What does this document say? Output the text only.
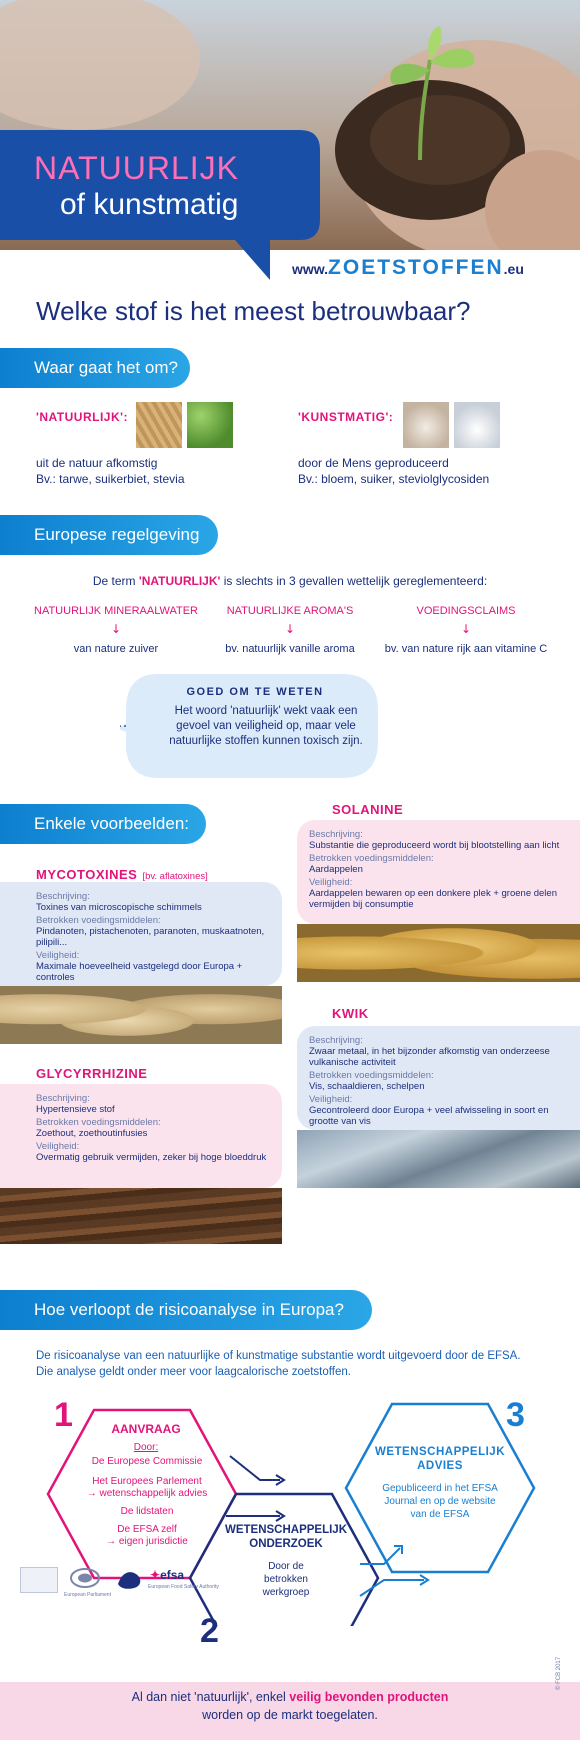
NATUURLIJK
of kunstmatig
www.ZOETSTOFFEN.eu
Welke stof is het meest betrouwbaar?
Waar gaat het om?
'NATUURLIJK':
uit de natuur afkomstig
Bv.: tarwe, suikerbiet, stevia
'KUNSTMATIG':
door de Mens geproduceerd
Bv.: bloem, suiker, steviolglycosiden
Europese regelgeving
De term 'NATUURLIJK' is slechts in 3 gevallen wettelijk gereglementeerd:
NATUURLIJK MINERAALWATER
↓
van nature zuiver
NATUURLIJKE AROMA'S
↓
bv. natuurlijk vanille aroma
VOEDINGSCLAIMS
↓
bv. van nature rijk aan vitamine C
GOED OM TE WETEN
Het woord 'natuurlijk' wekt vaak een gevoel van veiligheid op, maar vele natuurlijke stoffen kunnen toxisch zijn.
Enkele voorbeelden:
SOLANINE
Beschrijving:
Substantie die geproduceerd wordt bij blootstelling aan licht
Betrokken voedingsmiddelen:
Aardappelen
Veiligheid:
Aardappelen bewaren op een donkere plek + groene delen vermijden bij consumptie
MYCOTOXINES [bv. aflatoxines]
Beschrijving:
Toxines van microscopische schimmels
Betrokken voedingsmiddelen:
Pindanoten, pistachenoten, paranoten, muskaatnoten, pilipili...
Veiligheid:
Maximale hoeveelheid vastgelegd door Europa + controles
KWIK
Beschrijving:
Zwaar metaal, in het bijzonder afkomstig van onderzeese vulkanische activiteit
Betrokken voedingsmiddelen:
Vis, schaaldieren, schelpen
Veiligheid:
Gecontroleerd door Europa + veel afwisseling in soort en grootte van vis
GLYCYRRHIZINE
Beschrijving:
Hypertensieve stof
Betrokken voedingsmiddelen:
Zoethout, zoethoutinfusies
Veiligheid:
Overmatig gebruik vermijden, zeker bij hoge bloeddruk
Hoe verloopt de risicoanalyse in Europa?
De risicoanalyse van een natuurlijke of kunstmatige substantie wordt uitgevoerd door de EFSA.
Die analyse geldt onder meer voor laagcalorische zoetstoffen.
1	AANVRAAG
Door:
De Europese Commissie
Het Europees Parlement
→ wetenschappelijk advies
De lidstaten
De EFSA zelf
→ eigen jurisdictie
WETENSCHAPPELIJK
ONDERZOEK
Door de betrokken werkgroep
2
3
WETENSCHAPPELIJK
ADVIES
Gepubliceerd in het EFSA Journal en op de website van de EFSA
European Parliament
✦efsa
European Food Safety Authority
Al dan niet 'natuurlijk', enkel veilig bevonden producten
worden op de markt toegelaten.
© FCB 2017
